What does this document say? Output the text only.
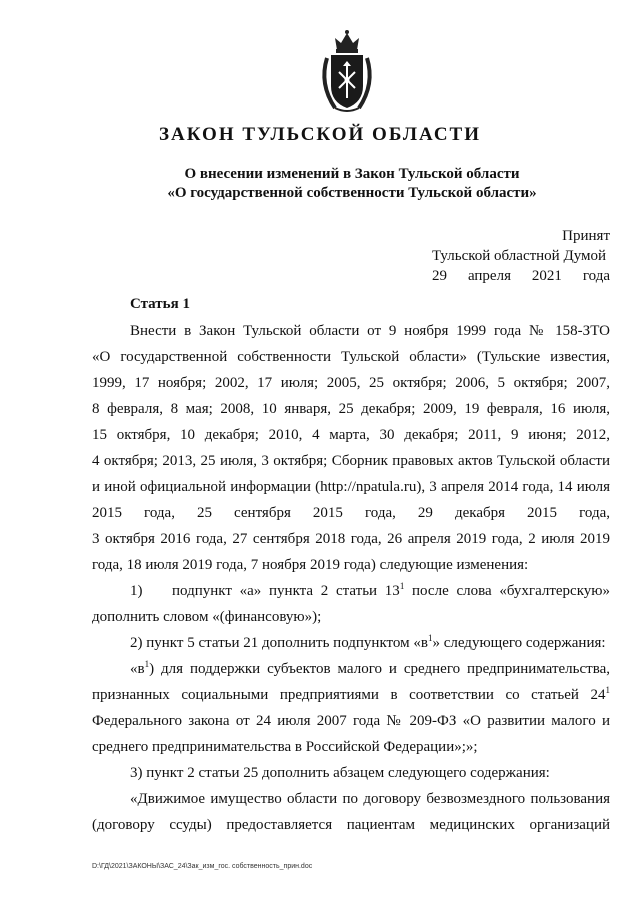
ЗАКОН ТУЛЬСКОЙ ОБЛАСТИ
О внесении изменений в Закон Тульской области
«О государственной собственности Тульской области»
Принят
Тульской областной Думой
29 апреля 2021 года
Статья 1
Внести в Закон Тульской области от 9 ноября 1999 года № 158-ЗТО
«О государственной собственности Тульской области» (Тульские известия,
1999, 17 ноября; 2002, 17 июля; 2005, 25 октября; 2006, 5 октября; 2007,
8 февраля, 8 мая; 2008, 10 января, 25 декабря; 2009, 19 февраля, 16 июля,
15 октября, 10 декабря; 2010, 4 марта, 30 декабря; 2011, 9 июня; 2012,
4 октября; 2013, 25 июля, 3 октября; Сборник правовых актов Тульской области
и иной официальной информации (http://npatula.ru), 3 апреля 2014 года, 14 июля
2015 года, 25 сентября 2015 года, 29 декабря 2015 года,
3 октября 2016 года, 27 сентября 2018 года, 26 апреля 2019 года, 2 июля 2019
года, 18 июля 2019 года, 7 ноября 2019 года) следующие изменения:
1) подпункт «а» пункта 2 статьи $13^1$ после слова «бухгалтерскую»
дополнить словом «(финансовую»);
2) пункт 5 статьи 21 дополнить подпунктом «$в^1$» следующего содержания:
«$в^1$) для поддержки субъектов малого и среднего предпринимательства,
признанных социальными предприятиями в соответствии со статьей $24^1$
Федерального закона от 24 июля 2007 года № 209-ФЗ «О развитии малого и
среднего предпринимательства в Российской Федерации»;»;
3) пункт 2 статьи 25 дополнить абзацем следующего содержания:
«Движимое имущество области по договору безвозмездного пользования
(договору ссуды) предоставляется пациентам медицинских организаций
D:\ГД\2021\ЗАКОНЫ\ЗАС_24\Зак_изм_гос. собственность_прин.doc
